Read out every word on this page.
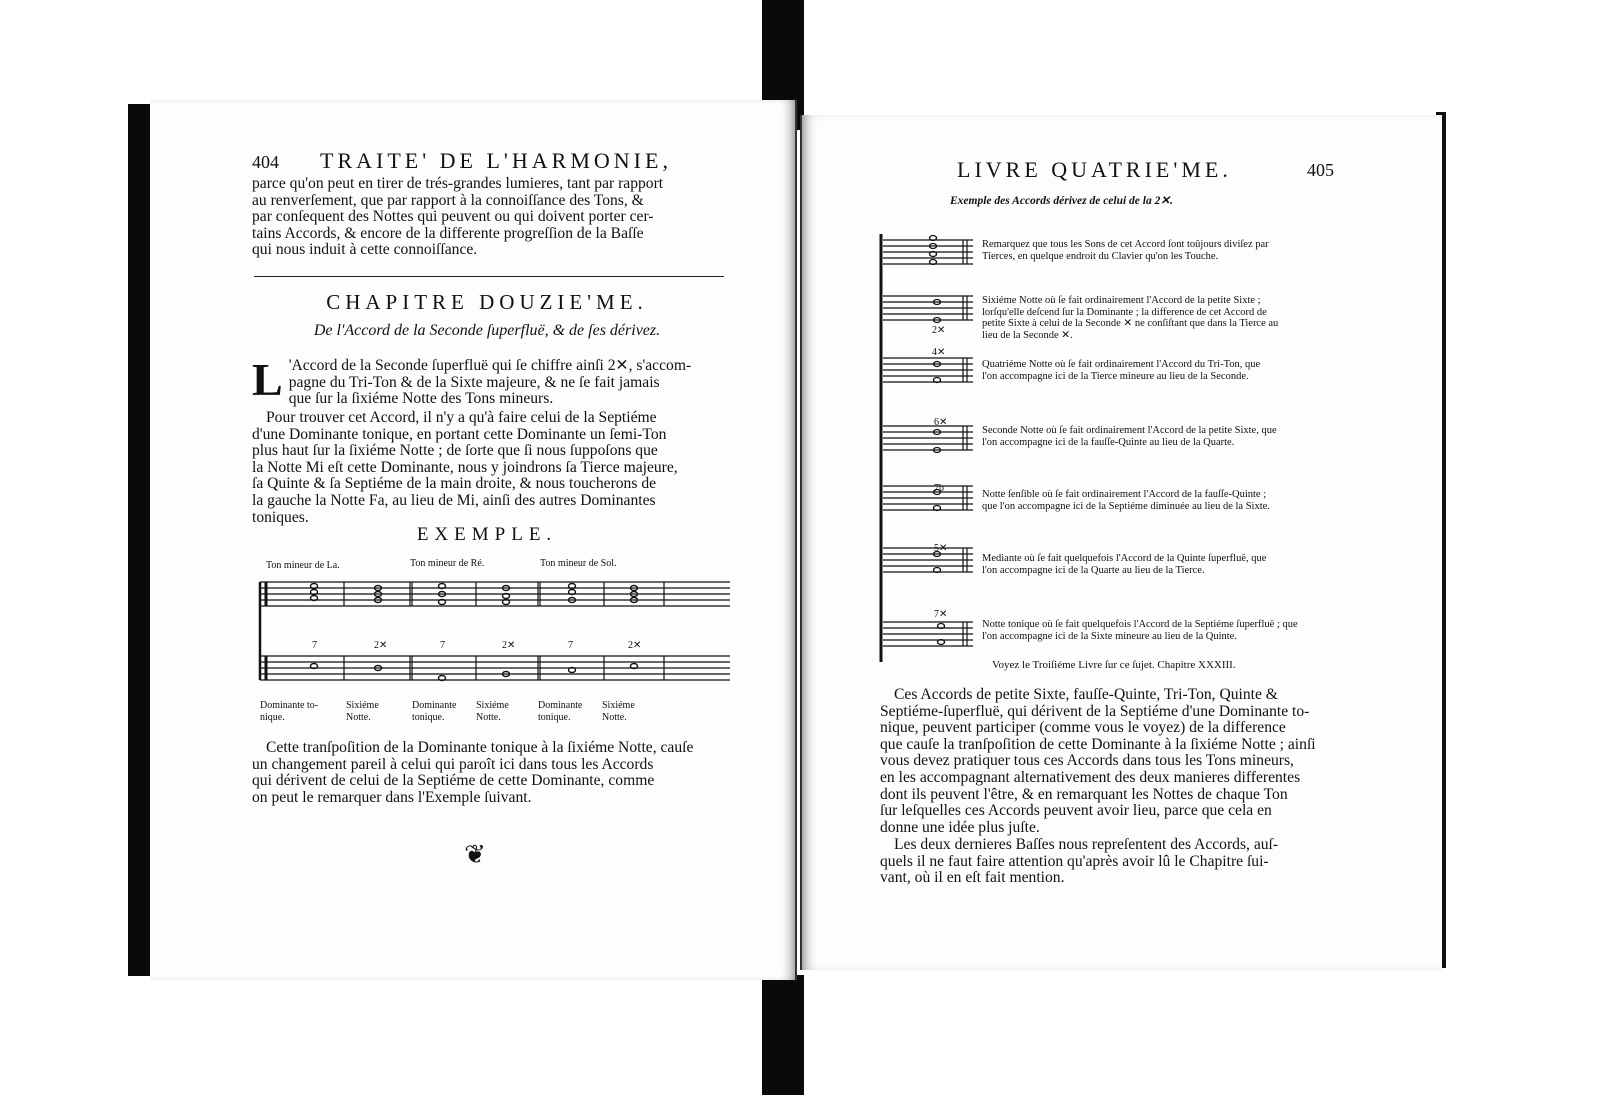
404 TRAITE' DE L'HARMONIE,

parce qu'on peut en tirer de trés-grandes lumieres, tant par rapport

au renverſement, que par rapport à la connoiſſance des Tons, &

par conſequent des Nottes qui peuvent ou qui doivent porter cer-

tains Accords, & encore de la differente progreſſion de la Baſſe

qui nous induit à cette connoiſſance.

CHAPITRE DOUZIE'ME.
De l'Accord de la Seconde ſuperfluë, & de ſes dérivez.
L 'Accord de la Seconde ſuperfluë qui ſe chiffre ainſi 2✕, s'accom-

pagne du Tri-Ton & de la Sixte majeure, & ne ſe fait jamais

que ſur la ſixiéme Notte des Tons mineurs.

Pour trouver cet Accord, il n'y a qu'à faire celui de la Septiéme

d'une Dominante tonique, en portant cette Dominante un ſemi-Ton

plus haut ſur la ſixiéme Notte ; de ſorte que ſi nous ſuppoſons que

la Notte Mi eſt cette Dominante, nous y joindrons ſa Tierce majeure,

ſa Quinte & ſa Septiéme de la main droite, & nous toucherons de

la gauche la Notte Fa, au lieu de Mi, ainſi des autres Dominantes

toniques.

EXEMPLE.
Ton mineur de La.	Ton mineur de Ré.	Ton mineur de Sol.
7	2✕	7	2✕	7	2✕
Dominante to-
nique.
Sixiéme
Notte.
Dominante
tonique.
Sixiéme
Notte.
Dominante
tonique.
Sixiéme
Notte.

Cette tranſpoſition de la Dominante tonique à la ſixiéme Notte, cauſe

un changement pareil à celui qui paroît ici dans tous les Accords

qui dérivent de celui de la Septiéme de cette Dominante, comme

on peut le remarquer dans l'Exemple ſuivant.

❦
LIVRE QUATRIE'ME.	405
Exemple des Accords dérivez de celui de la 2✕.
2✕
4✕
6✕
7b
5✕
7✕

Remarquez que tous les Sons de cet Accord ſont toûjours diviſez par

Tierces, en quelque endroit du Clavier qu'on les Touche.

Sixiéme Notte où ſe fait ordinairement l'Accord de la petite Sixte ;

lorſqu'elle deſcend ſur la Dominante ; la difference de cet Accord de

petite Sixte à celui de la Seconde ✕ ne conſiſtant que dans la Tierce au

lieu de la Seconde ✕.

Quatriéme Notte où ſe fait ordinairement l'Accord du Tri-Ton, que

l'on accompagne ici de la Tierce mineure au lieu de la Seconde.

Seconde Notte où ſe fait ordinairement l'Accord de la petite Sixte, que

l'on accompagne ici de la fauſſe-Quinte au lieu de la Quarte.

Notte ſenſible où ſe fait ordinairement l'Accord de la fauſſe-Quinte ;

que l'on accompagne ici de la Septiéme diminuée au lieu de la Sixte.

Mediante où ſe fait quelquefois l'Accord de la Quinte ſuperfluë, que

l'on accompagne ici de la Quarte au lieu de la Tierce.

Notte tonique où ſe fait quelquefois l'Accord de la Septiéme ſuperfluë ; que

l'on accompagne ici de la Sixte mineure au lieu de la Quinte.

Voyez le Troiſiéme Livre ſur ce ſujet. Chapitre XXXIII.

Ces Accords de petite Sixte, fauſſe-Quinte, Tri-Ton, Quinte &

Septiéme-ſuperfluë, qui dérivent de la Septiéme d'une Dominante to-

nique, peuvent participer (comme vous le voyez) de la difference

que cauſe la tranſpoſition de cette Dominante à la ſixiéme Notte ; ainſi

vous devez pratiquer tous ces Accords dans tous les Tons mineurs,

en les accompagnant alternativement des deux manieres differentes

dont ils peuvent l'être, & en remarquant les Nottes de chaque Ton

ſur leſquelles ces Accords peuvent avoir lieu, parce que cela en

donne une idée plus juſte.

Les deux dernieres Baſſes nous repreſentent des Accords, auſ-

quels il ne faut faire attention qu'après avoir lû le Chapitre ſui-

vant, où il en eſt fait mention.
